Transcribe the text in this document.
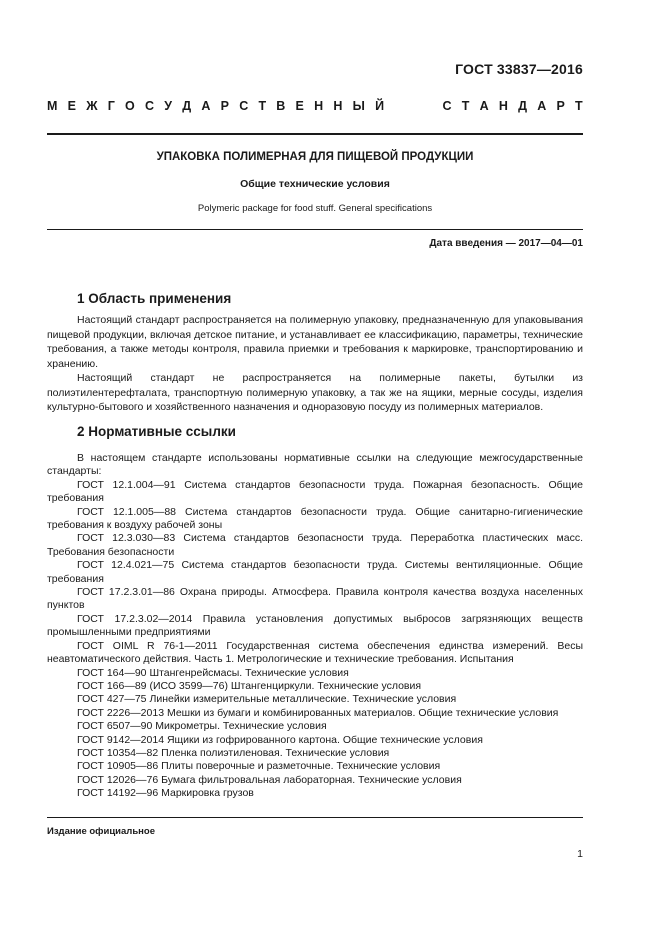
ГОСТ 33837—2016
М Е Ж Г О С У Д А Р С Т В Е Н Н Ы Й	С Т А Н Д А Р Т
УПАКОВКА ПОЛИМЕРНАЯ ДЛЯ ПИЩЕВОЙ ПРОДУКЦИИ
Общие технические условия
Polymeric package for food stuff. General specifications
Дата введения — 2017—04—01
1 Область применения

Настоящий стандарт распространяется на полимерную упаковку, предназначенную для упаковывания пищевой продукции, включая детское питание, и устанавливает ее классификацию, параметры, технические требования, а также методы контроля, правила приемки и требования к маркировке, транспортированию и хранению.

Настоящий стандарт не распространяется на полимерные пакеты, бутылки из полиэтилентерефталата, транспортную полимерную упаковку, а так же на ящики, мерные сосуды, изделия культурно-бытового и хозяйственного назначения и одноразовую посуду из полимерных материалов.

2 Нормативные ссылки

В настоящем стандарте использованы нормативные ссылки на следующие межгосударственные стандарты:

ГОСТ 12.1.004—91 Система стандартов безопасности труда. Пожарная безопасность. Общие требования

ГОСТ 12.1.005—88 Система стандартов безопасности труда. Общие санитарно-гигиенические требования к воздуху рабочей зоны

ГОСТ 12.3.030—83 Система стандартов безопасности труда. Переработка пластических масс. Требования безопасности

ГОСТ 12.4.021—75 Система стандартов безопасности труда. Системы вентиляционные. Общие требования

ГОСТ 17.2.3.01—86 Охрана природы. Атмосфера. Правила контроля качества воздуха населенных пунктов

ГОСТ 17.2.3.02—2014 Правила установления допустимых выбросов загрязняющих веществ промышленными предприятиями

ГОСТ OIML R 76-1—2011 Государственная система обеспечения единства измерений. Весы неавтоматического действия. Часть 1. Метрологические и технические требования. Испытания

ГОСТ 164—90 Штангенрейсмасы. Технические условия

ГОСТ 166—89 (ИСО 3599—76) Штангенциркули. Технические условия

ГОСТ 427—75 Линейки измерительные металлические. Технические условия

ГОСТ 2226—2013 Мешки из бумаги и комбинированных материалов. Общие технические условия

ГОСТ 6507—90 Микрометры. Технические условия

ГОСТ 9142—2014 Ящики из гофрированного картона. Общие технические условия

ГОСТ 10354—82 Пленка полиэтиленовая. Технические условия

ГОСТ 10905—86 Плиты поверочные и разметочные. Технические условия

ГОСТ 12026—76 Бумага фильтровальная лабораторная. Технические условия

ГОСТ 14192—96 Маркировка грузов

Издание официальное
1
